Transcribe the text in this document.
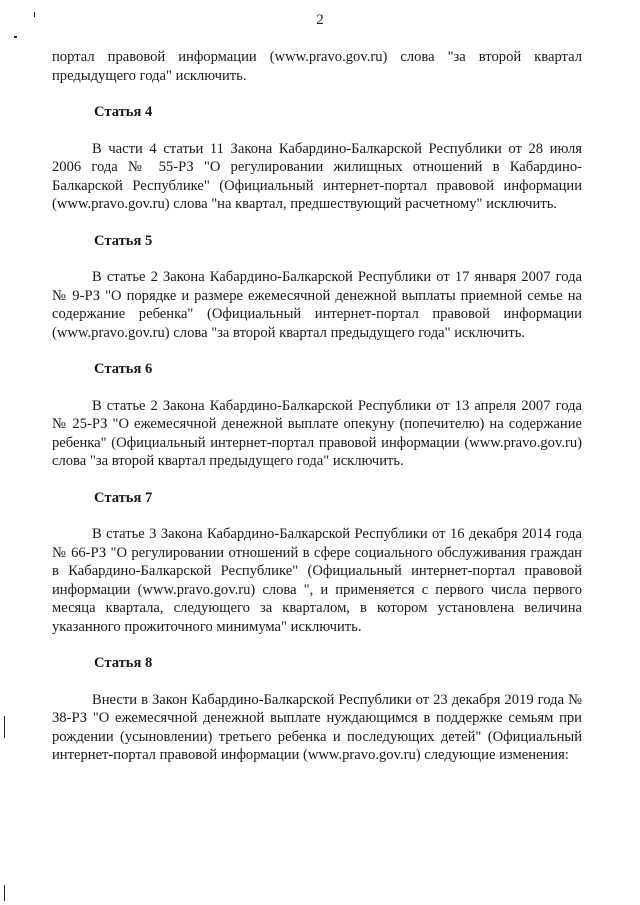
2

портал правовой информации (www.pravo.gov.ru) слова "за второй квартал предыдущего года" исключить.

Статья 4

В части 4 статьи 11 Закона Кабардино-Балкарской Республики от 28 июля 2006 года № 55-РЗ "О регулировании жилищных отношений в Кабардино-Балкарской Республике" (Официальный интернет-портал правовой информации (www.pravo.gov.ru) слова "на квартал, предшествующий расчетному" исключить.

Статья 5

В статье 2 Закона Кабардино-Балкарской Республики от 17 января 2007 года № 9-РЗ "О порядке и размере ежемесячной денежной выплаты приемной семье на содержание ребенка" (Официальный интернет-портал правовой информации (www.pravo.gov.ru) слова "за второй квартал предыдущего года" исключить.

Статья 6

В статье 2 Закона Кабардино-Балкарской Республики от 13 апреля 2007 года № 25-РЗ "О ежемесячной денежной выплате опекуну (попечителю) на содержание ребенка" (Официальный интернет-портал правовой информации (www.pravo.gov.ru) слова "за второй квартал предыдущего года" исключить.

Статья 7

В статье 3 Закона Кабардино-Балкарской Республики от 16 декабря 2014 года № 66-РЗ "О регулировании отношений в сфере социального обслуживания граждан в Кабардино-Балкарской Республике" (Официальный интернет-портал правовой информации (www.pravo.gov.ru) слова ", и применяется с первого числа первого месяца квартала, следующего за кварталом, в котором установлена величина указанного прожиточного минимума" исключить.

Статья 8

Внести в Закон Кабардино-Балкарской Республики от 23 декабря 2019 года № 38-РЗ "О ежемесячной денежной выплате нуждающимся в поддержке семьям при рождении (усыновлении) третьего ребенка и последующих детей" (Официальный интернет-портал правовой информации (www.pravo.gov.ru) следующие изменения:
